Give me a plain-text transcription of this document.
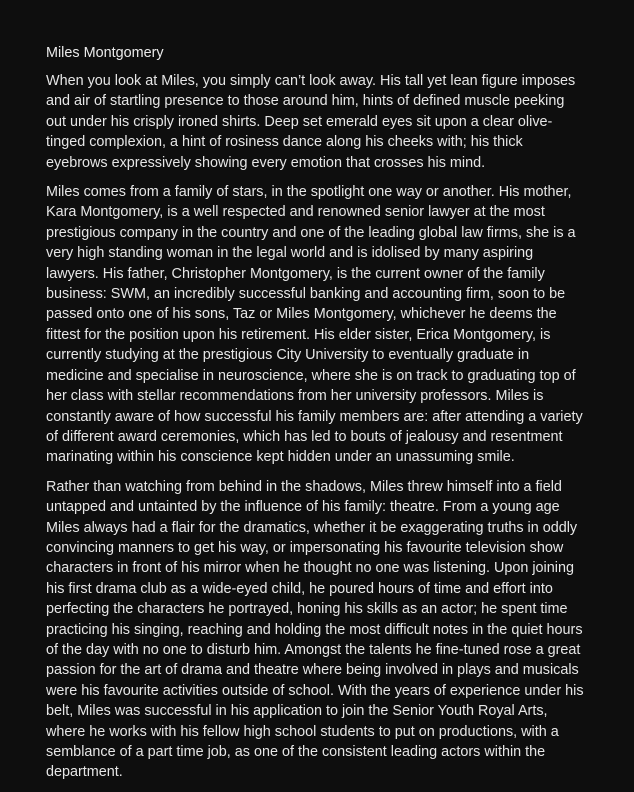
Miles Montgomery

When you look at Miles, you simply can’t look away. His tall yet lean figure imposes and air of startling presence to those around him, hints of defined muscle peeking out under his crisply ironed shirts. Deep set emerald eyes sit upon a clear olive-tinged complexion, a hint of rosiness dance along his cheeks with; his thick eyebrows expressively showing every emotion that crosses his mind.

Miles comes from a family of stars, in the spotlight one way or another. His mother, Kara Montgomery, is a well respected and renowned senior lawyer at the most prestigious company in the country and one of the leading global law firms, she is a very high standing woman in the legal world and is idolised by many aspiring lawyers. His father, Christopher Montgomery, is the current owner of the family business: SWM, an incredibly successful banking and accounting firm, soon to be passed onto one of his sons, Taz or Miles Montgomery, whichever he deems the fittest for the position upon his retirement. His elder sister, Erica Montgomery, is currently studying at the prestigious City University to eventually graduate in medicine and specialise in neuroscience, where she is on track to graduating top of her class with stellar recommendations from her university professors. Miles is constantly aware of how successful his family members are: after attending a variety of different award ceremonies, which has led to bouts of jealousy and resentment marinating within his conscience kept hidden under an unassuming smile.

Rather than watching from behind in the shadows, Miles threw himself into a field untapped and untainted by the influence of his family: theatre. From a young age Miles always had a flair for the dramatics, whether it be exaggerating truths in oddly convincing manners to get his way, or impersonating his favourite television show characters in front of his mirror when he thought no one was listening. Upon joining his first drama club as a wide-eyed child, he poured hours of time and effort into perfecting the characters he portrayed, honing his skills as an actor; he spent time practicing his singing, reaching and holding the most difficult notes in the quiet hours of the day with no one to disturb him. Amongst the talents he fine-tuned rose a great passion for the art of drama and theatre where being involved in plays and musicals were his favourite activities outside of school. With the years of experience under his belt, Miles was successful in his application to join the Senior Youth Royal Arts, where he works with his fellow high school students to put on productions, with a semblance of a part time job, as one of the consistent leading actors within the department.
